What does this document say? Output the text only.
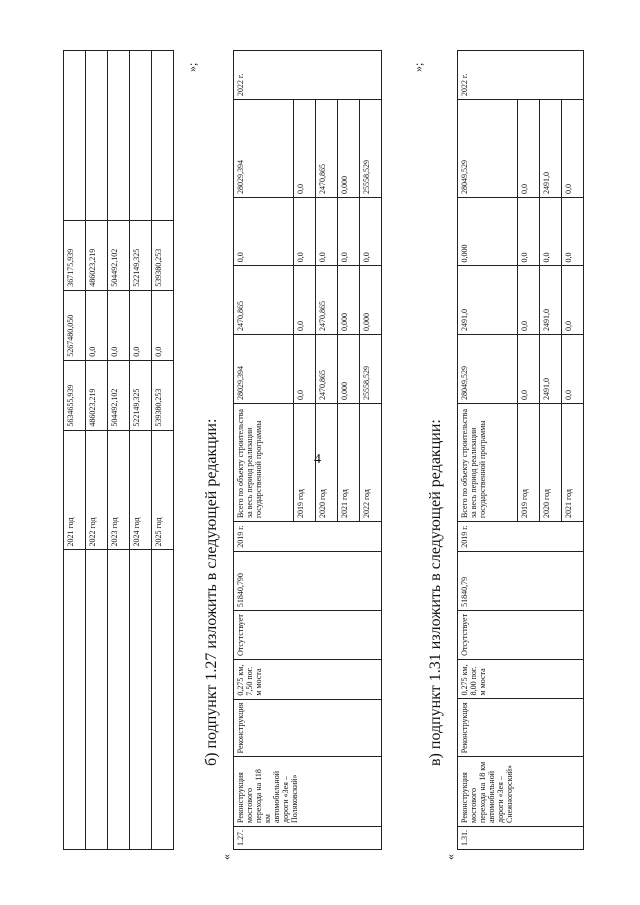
4
	2021 год	5634655,939	5267480,050	367175,939	
	2022 год	486023,219	0,0	486023,219	
	2023 год	504492,102	0,0	504492,102	
	2024 год	522149,325	0,0	522149,325	
	2025 год	539380,253	0,0	539380,253	
»;
б) подпункт 1.27 изложить в следующей редакции:
«
1.27.	Реконструкция мостового перехода на 118 км автомобильной дороги «Зея – Поляковский»	Реконструкция	0,275 км, 7,50 пог. м моста	Отсутствует	51840,790	2019 г.	Всего по объекту строительства за весь период реализации государственной программы	28029,394	2470,865	0,0	28029,394	2022 г.
							2019 год	0,0	0,0	0,0	0,0	
							2020 год	2470,865	2470,865	0,0	2470,865	
							2021 год	0,000	0,000	0,0	0,000	
							2022 год	25558,529	0,000	0,0	25558,529	
»;
в) подпункт 1.31 изложить в следующей редакции:
«
1.31.	Реконструкция мостового перехода на 18 км автомобильной дороги «Зея – Снежногорский»	Реконструкция	0,275 км, 8,00 пог. м моста	Отсутствует	51840,79	2019 г.	Всего по объекту строительства за весь период реализации государственной программы	28049,529	2491,0	0,000	28049,529	2022 г.
							2019 год	0,0	0,0	0,0	0,0	
							2020 год	2491,0	2491,0	0,0	2491,0	
							2021 год	0,0	0,0	0,0	0,0	
